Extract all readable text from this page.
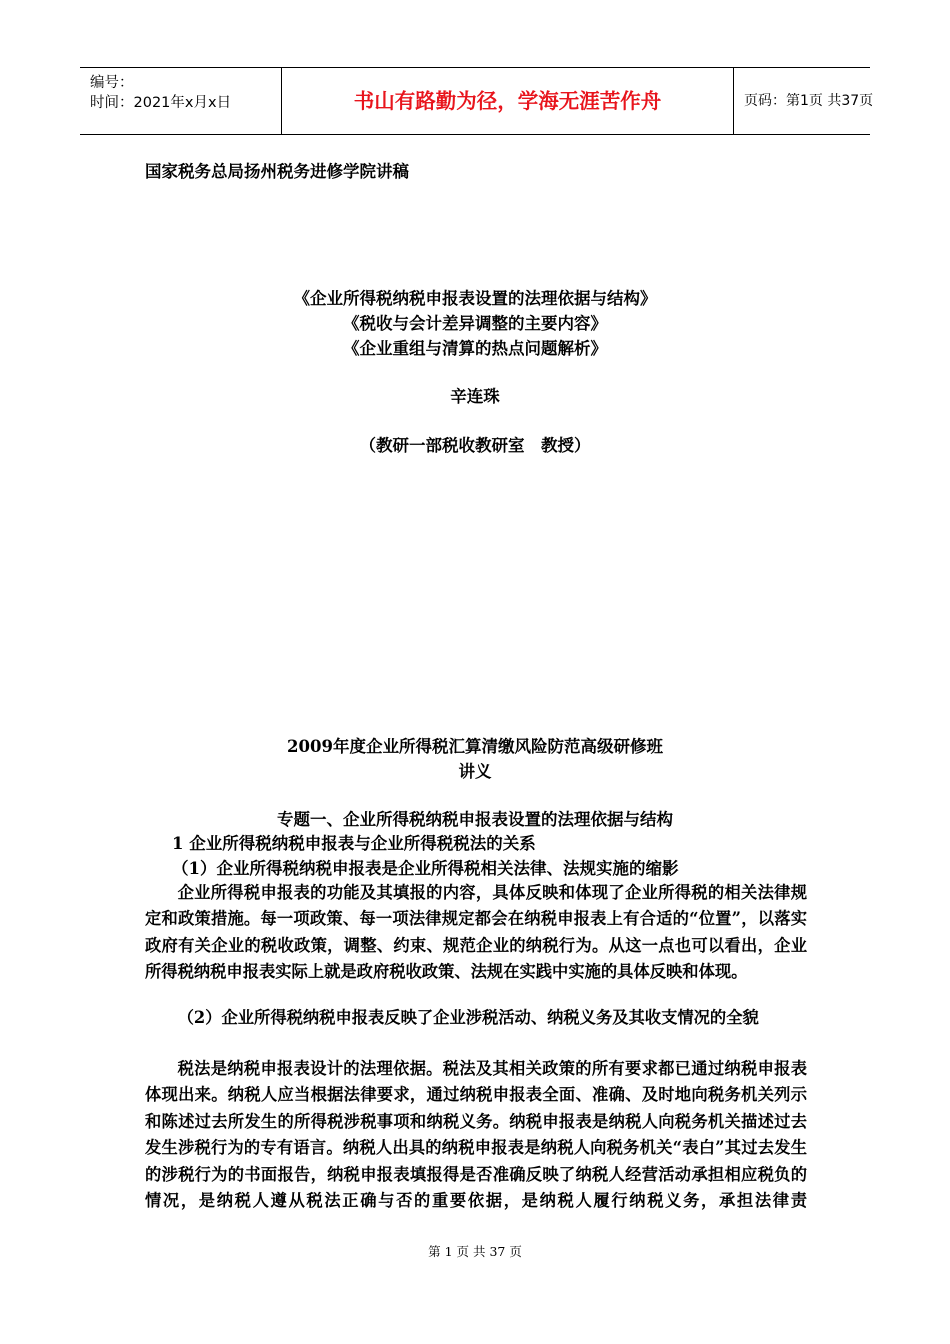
编号：
时间：2021年x月x日	书山有路勤为径，学海无涯苦作舟	页码：第1页 共37页
国家税务总局扬州税务进修学院讲稿
《企业所得税纳税申报表设置的法理依据与结构》
《税收与会计差异调整的主要内容》
《企业重组与清算的热点问题解析》
辛连珠
（教研一部税收教研室　教授）
2009年度企业所得税汇算清缴风险防范高级研修班
讲义
专题一、企业所得税纳税申报表设置的法理依据与结构
1 企业所得税纳税申报表与企业所得税税法的关系
（1）企业所得税纳税申报表是企业所得税相关法律、法规实施的缩影
企业所得税申报表的功能及其填报的内容，具体反映和体现了企业所得税的相关法律规定和政策措施。每一项政策、每一项法律规定都会在纳税申报表上有合适的“位置”，以落实政府有关企业的税收政策，调整、约束、规范企业的纳税行为。从这一点也可以看出，企业所得税纳税申报表实际上就是政府税收政策、法规在实践中实施的具体反映和体现。
（2）企业所得税纳税申报表反映了企业涉税活动、纳税义务及其收支情况的全貌
税法是纳税申报表设计的法理依据。税法及其相关政策的所有要求都已通过纳税申报表体现出来。纳税人应当根据法律要求，通过纳税申报表全面、准确、及时地向税务机关列示和陈述过去所发生的所得税涉税事项和纳税义务。纳税申报表是纳税人向税务机关描述过去发生涉税行为的专有语言。纳税人出具的纳税申报表是纳税人向税务机关“表白”其过去发生的涉税行为的书面报告，纳税申报表填报得是否准确反映了纳税人经营活动承担相应税负的情况，是纳税人遵从税法正确与否的重要依据，是纳税人履行纳税义务，承担法律责
第 1 页 共 37 页
